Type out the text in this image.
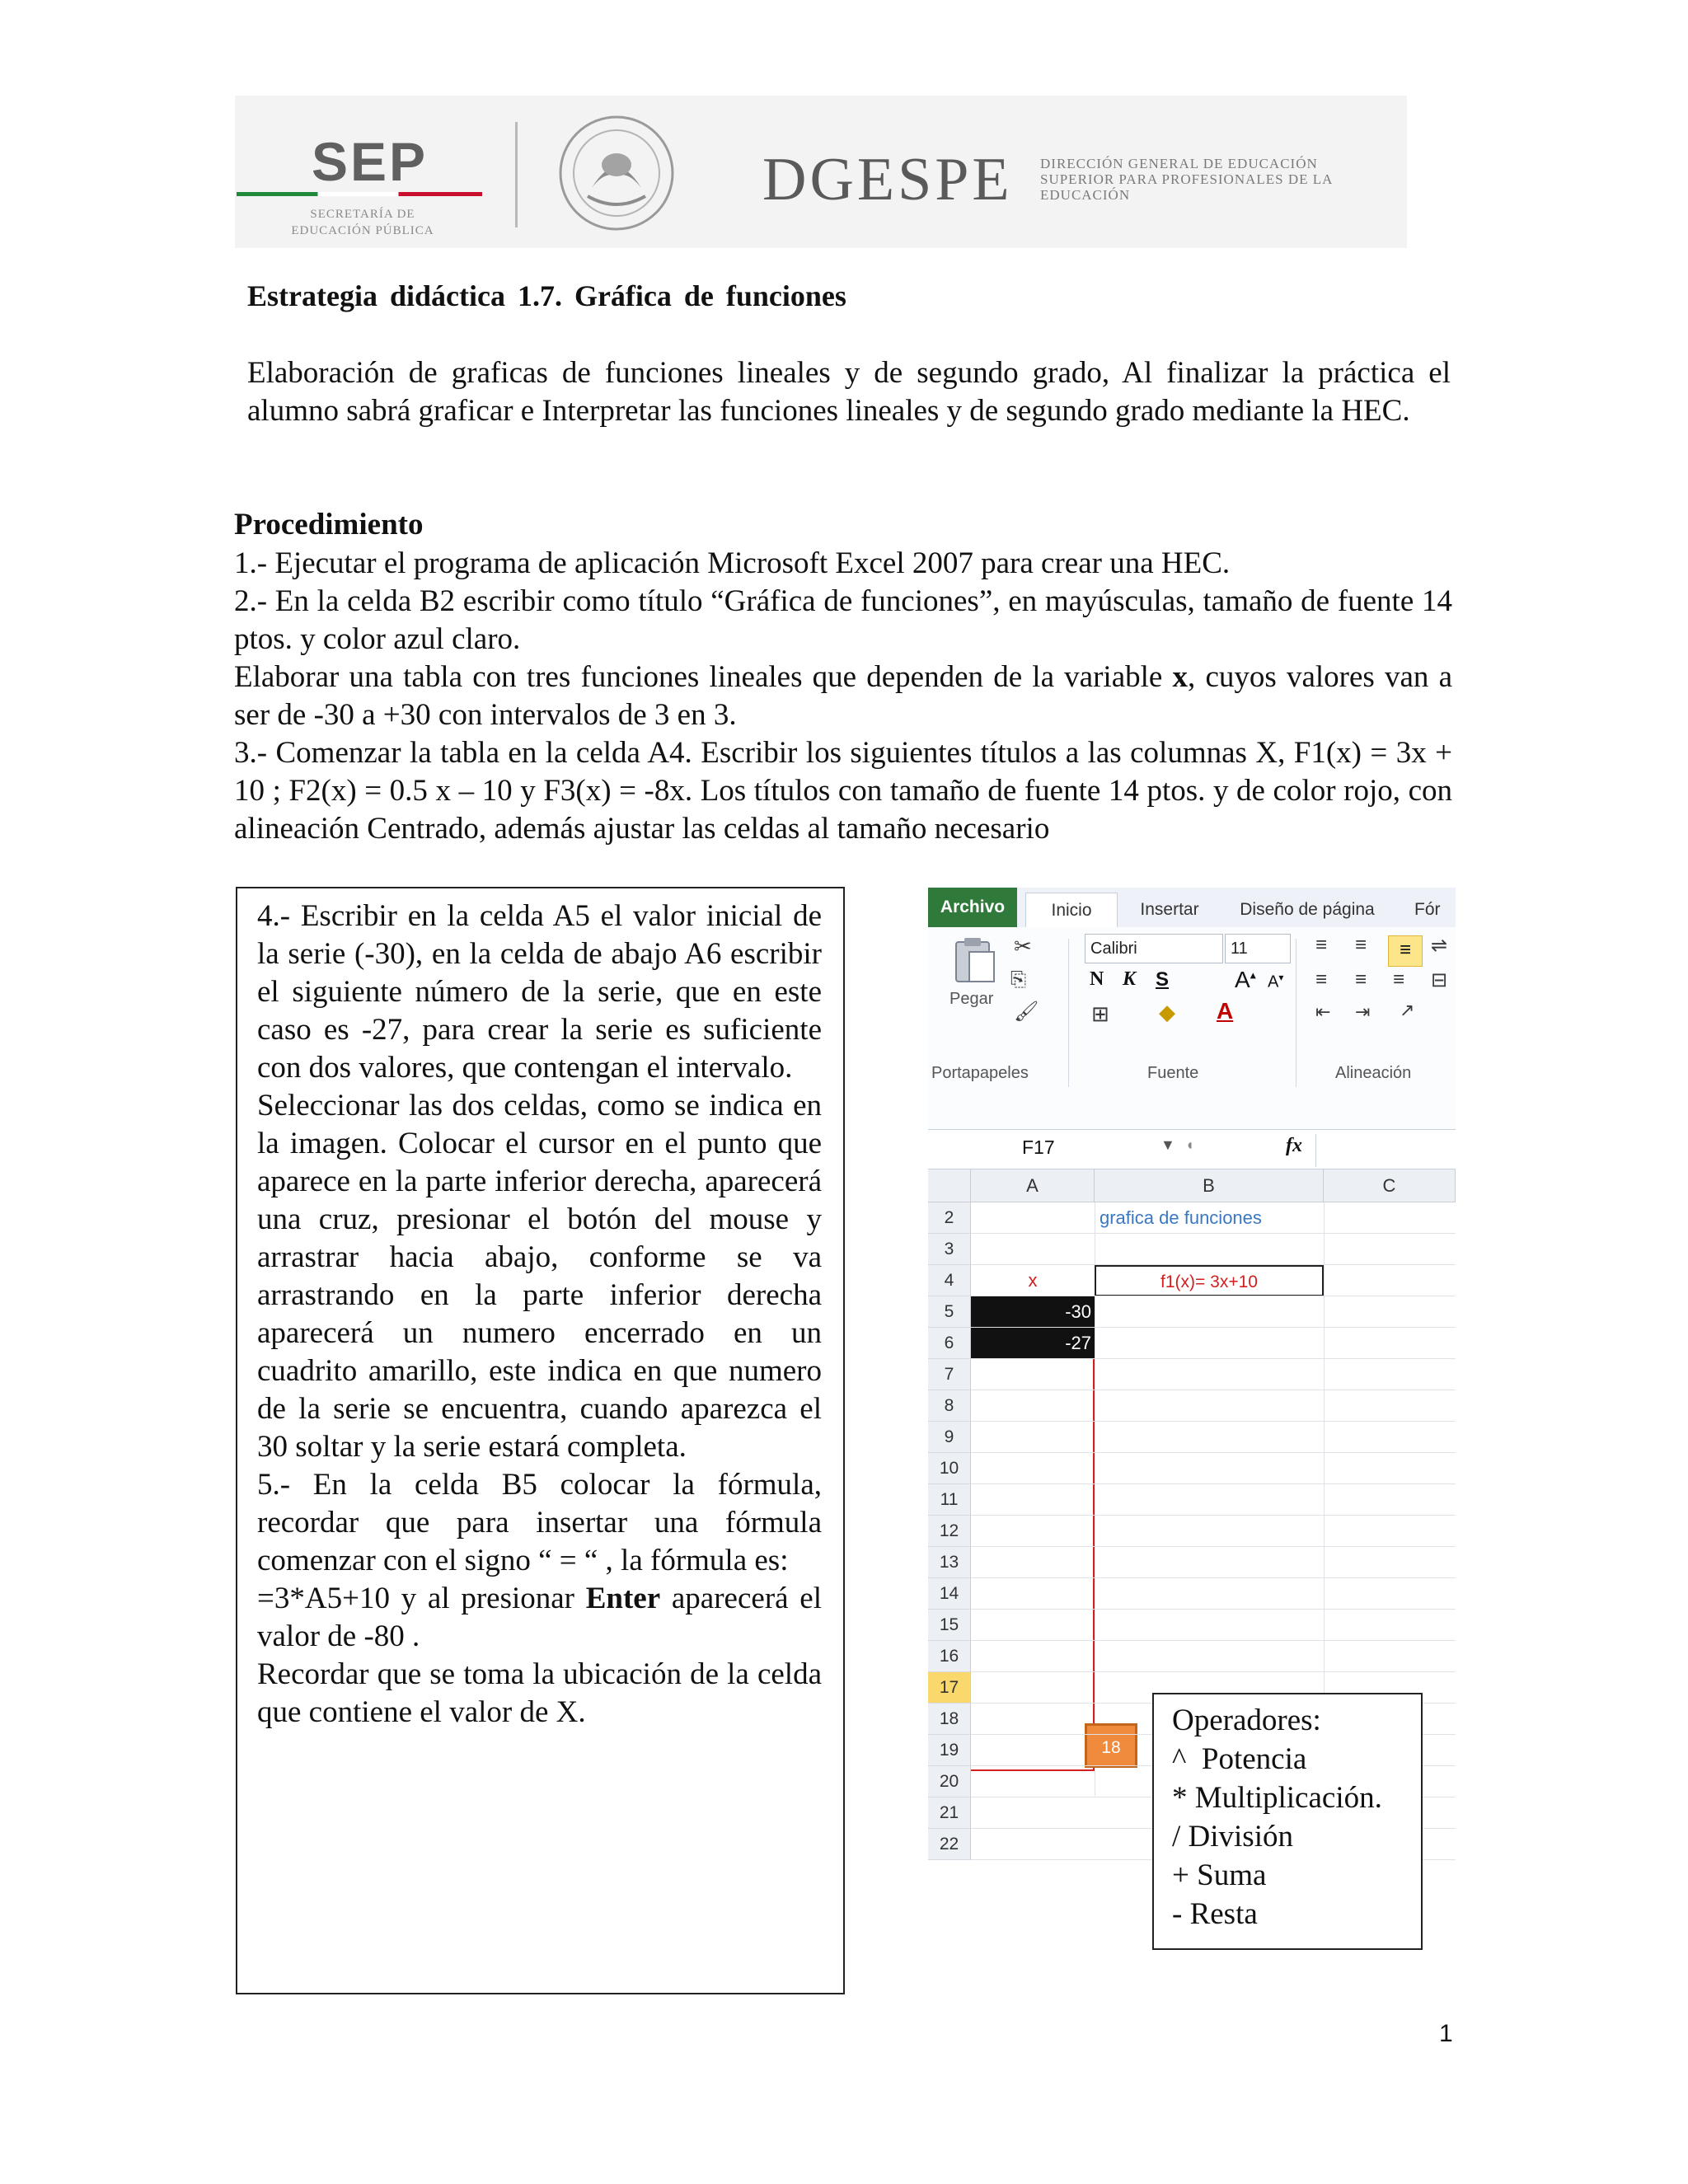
SEP
SECRETARÍA DE
EDUCACIÓN PÚBLICA
DGESPE DIRECCIÓN GENERAL DE EDUCACIÓN
SUPERIOR PARA PROFESIONALES DE LA
EDUCACIÓN
Estrategia didáctica 1.7. Gráfica de funciones
Elaboración de graficas de funciones lineales y de segundo grado, Al finalizar la práctica el alumno sabrá graficar e Interpretar las funciones lineales y de segundo grado mediante la HEC.
Procedimiento

1.- Ejecutar el programa de aplicación Microsoft Excel 2007 para crear una HEC.

2.- En la celda B2 escribir como título “Gráfica de funciones”, en mayúsculas, tamaño de fuente 14 ptos. y color azul claro.

Elaborar una tabla con tres funciones lineales que dependen de la variable x, cuyos valores van a ser de -30 a +30 con intervalos de 3 en 3.

3.- Comenzar la tabla en la celda A4. Escribir los siguientes títulos a las columnas X, F1(x) = 3x + 10 ; F2(x) = 0.5 x – 10 y F3(x) = -8x. Los títulos con tamaño de fuente 14 ptos. y de color rojo, con alineación Centrado, además ajustar las celdas al tamaño necesario

4.- Escribir en la celda A5 el valor inicial de la serie (-30), en la celda de abajo A6 escribir el siguiente número de la serie, que en este caso es -27, para crear la serie es suficiente con dos valores, que contengan el intervalo.

Seleccionar las dos celdas, como se indica en la imagen. Colocar el cursor en el punto que aparece en la parte inferior derecha, aparecerá una cruz, presionar el botón del mouse y arrastrar hacia abajo, conforme se va arrastrando en la parte inferior derecha aparecerá un numero encerrado en un cuadrito amarillo, este indica en que numero de la serie se encuentra, cuando aparezca el 30 soltar y la serie estará completa.

5.- En la celda B5 colocar la fórmula, recordar que para insertar una fórmula comenzar con el signo “ = “ , la fórmula es:

=3*A5+10 y al presionar Enter aparecerá el valor de -80 .

Recordar que se toma la ubicación de la celda que contiene el valor de X.

Archivo	Inicio	Insertar	Diseño de página	Fór
Pegar
✂
⎘
🖌
Portapapeles
Calibri	11
N K S	A▴ A▾
⊞ ◆ A
Fuente
≡ ≡	≡	⇌
≡ ≡ ≡ ⊟
⇤ ⇥ ↗
Alineación
F17	▼ ◖	fx
A	B	C
grafica de funciones
x	f1(x)= 3x+10
-30
-27
18
2
3
4
5
6
7
8
9
10
11
12
13
14
15
16
17
18
19
20
21
22
Operadores:
^  Potencia
* Multiplicación.
/ División
+ Suma
- Resta
1
